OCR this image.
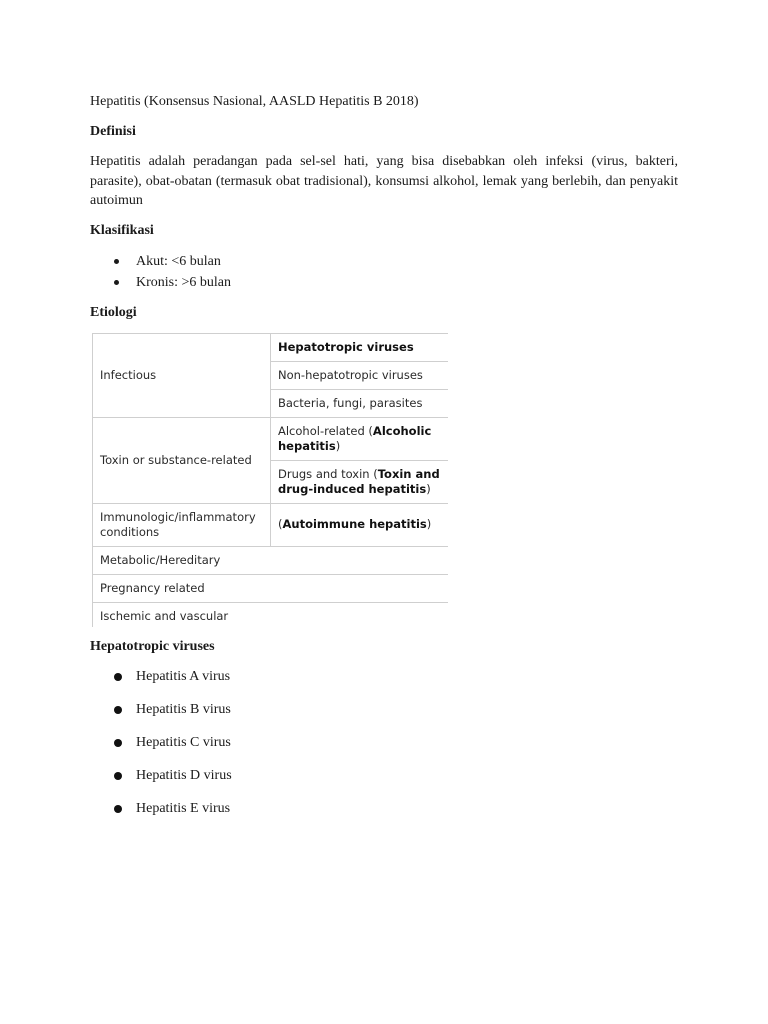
Hepatitis (Konsensus Nasional, AASLD Hepatitis B 2018)

Definisi

Hepatitis adalah peradangan pada sel-sel hati, yang bisa disebabkan oleh infeksi (virus, bakteri, parasite), obat-obatan (termasuk obat tradisional), konsumsi alkohol, lemak yang berlebih, dan penyakit autoimun

Klasifikasi

Akut: <6 bulan
Kronis: >6 bulan

Etiologi

Infectious	Hepatotropic viruses
	Non-hepatotropic viruses
	Bacteria, fungi, parasites
Toxin or substance-related	Alcohol-related (Alcoholic hepatitis)
	Drugs and toxin (Toxin and drug-induced hepatitis)
Immunologic/inflammatory conditions	(Autoimmune hepatitis)
Metabolic/Hereditary	
Pregnancy related	
Ischemic and vascular	

Hepatotropic viruses

Hepatitis A virus
Hepatitis B virus
Hepatitis C virus
Hepatitis D virus
Hepatitis E virus
